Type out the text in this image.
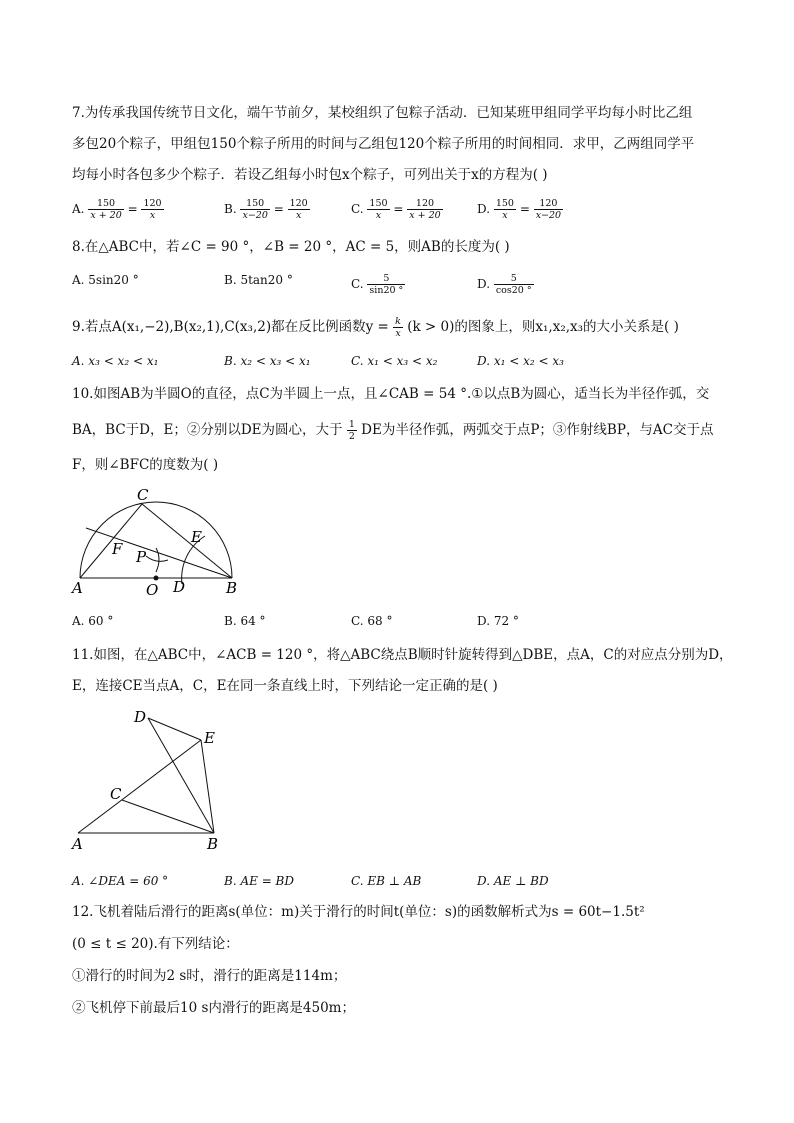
7.为传承我国传统节日文化，端午节前夕，某校组织了包粽子活动．已知某班甲组同学平均每小时比乙组
多包20个粽子，甲组包150个粽子所用的时间与乙组包120个粽子所用的时间相同．求甲，乙两组同学平
均每小时各包多少个粽子．若设乙组每小时包x个粽子，可列出关于x的方程为( )
A. $\frac{150}{x + 20} = \frac{120}{x}$	B. $\frac{150}{x-20} = \frac{120}{x}$	C. $\frac{150}{x} = \frac{120}{x + 20}$	D. $\frac{150}{x} = \frac{120}{x-20}$
8.在△ABC中，若∠C = 90 °，∠B = 20 °，AC = 5，则AB的长度为( )
A. 5sin20 °	B. 5tan20 °	C. $\frac{5}{\sin 20 ^\circ}$	D. $\frac{5}{\cos 20 ^\circ}$
9.若点A(x₁,−2),B(x₂,1),C(x₃,2)都在反比例函数$y = \frac{k}{x} (k > 0)$的图象上，则x₁,x₂,x₃的大小关系是( )
A. x₃ < x₂ < x₁	B. x₂ < x₃ < x₁	C. x₁ < x₃ < x₂	D. x₁ < x₂ < x₃
10.如图AB为半圆O的直径，点C为半圆上一点，且∠CAB = 54 °.①以点B为圆心，适当长为半径作弧，交
BA，BC于D，E；②分别以DE为圆心，大于 $\frac{1}{2}$ DE为半径作弧，两弧交于点P；③作射线BP，与AC交于点
F，则∠BFC的度数为( )
C
F P
E
A	O D	B
A. 60 °	B. 64 °	C. 68 °	D. 72 °
11.如图，在△ABC中，∠ACB = 120 °，将△ABC绕点B顺时针旋转得到△DBE，点A，C的对应点分别为D，
E，连接CE当点A，C，E在同一条直线上时，下列结论一定正确的是( )
D
E
C
A	B
A. ∠DEA = 60 °	B. AE = BD	C. EB ⊥ AB	D. AE ⊥ BD
12.飞机着陆后滑行的距离s(单位：m)关于滑行的时间t(单位：s)的函数解析式为s = 60t−1.5t²
(0 ≤ t ≤ 20).有下列结论：
①滑行的时间为2 s时，滑行的距离是114m；
②飞机停下前最后10 s内滑行的距离是450m；
